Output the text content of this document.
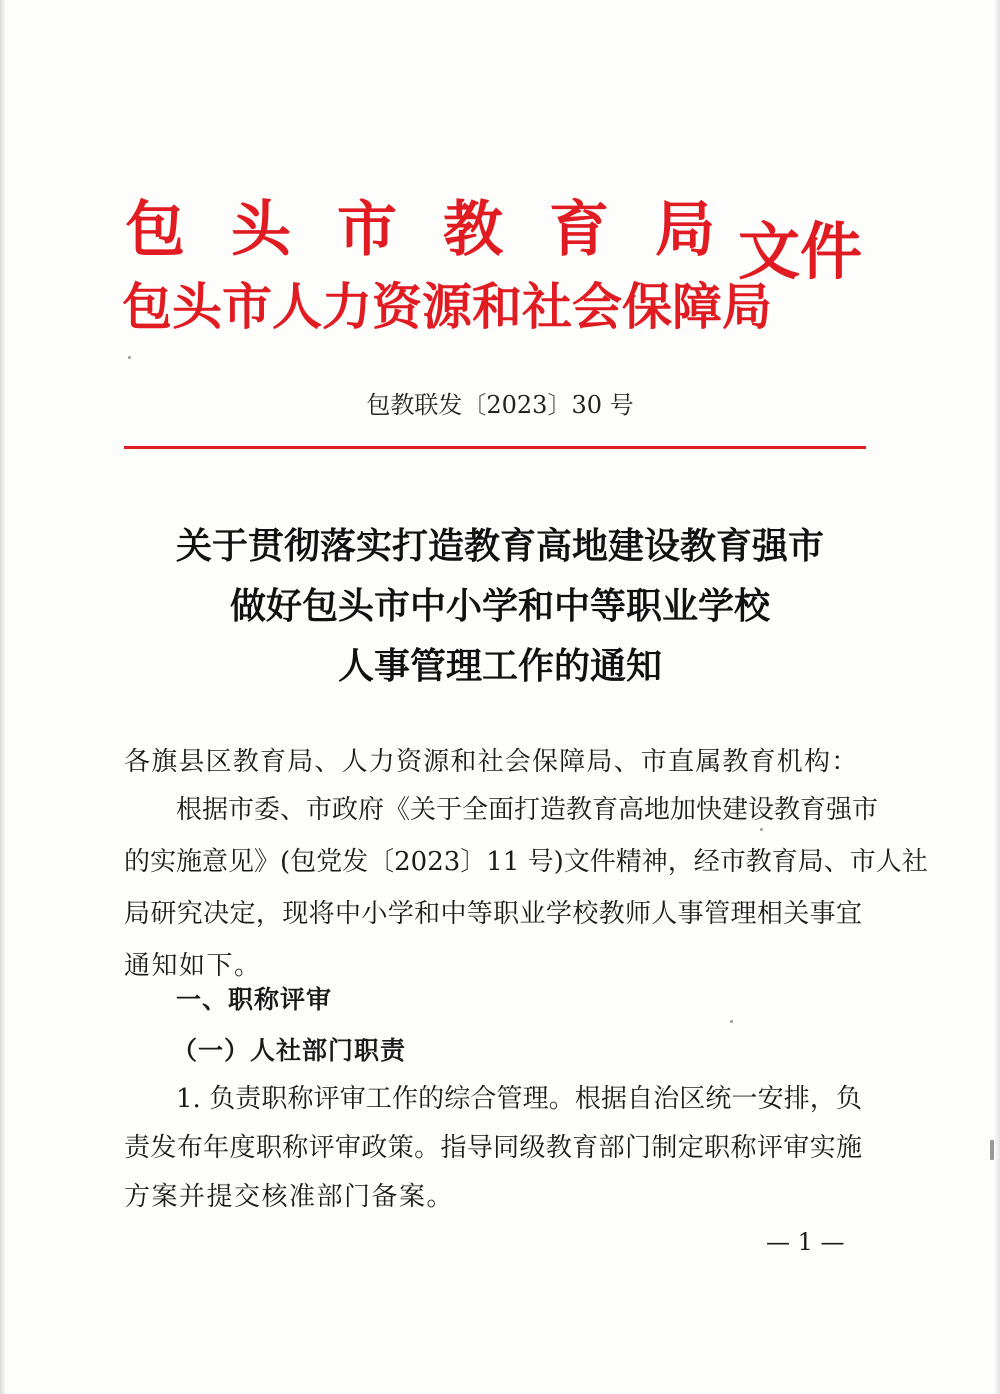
包 头 市 教 育 局
包头市人力资源和社会保障局
文件
包教联发〔2023〕30 号
关于贯彻落实打造教育高地建设教育强市
做好包头市中小学和中等职业学校
人事管理工作的通知
各旗县区教育局、人力资源和社会保障局、市直属教育机构：
根据市委、市政府《关于全面打造教育高地加快建设教育强市
的实施意见》(包党发〔2023〕11 号)文件精神，经市教育局、市人社
局研究决定，现将中小学和中等职业学校教师人事管理相关事宜
通知如下。
一、职称评审
（一）人社部门职责
1. 负责职称评审工作的综合管理。根据自治区统一安排，负
责发布年度职称评审政策。指导同级教育部门制定职称评审实施
方案并提交核准部门备案。
— 1 —
